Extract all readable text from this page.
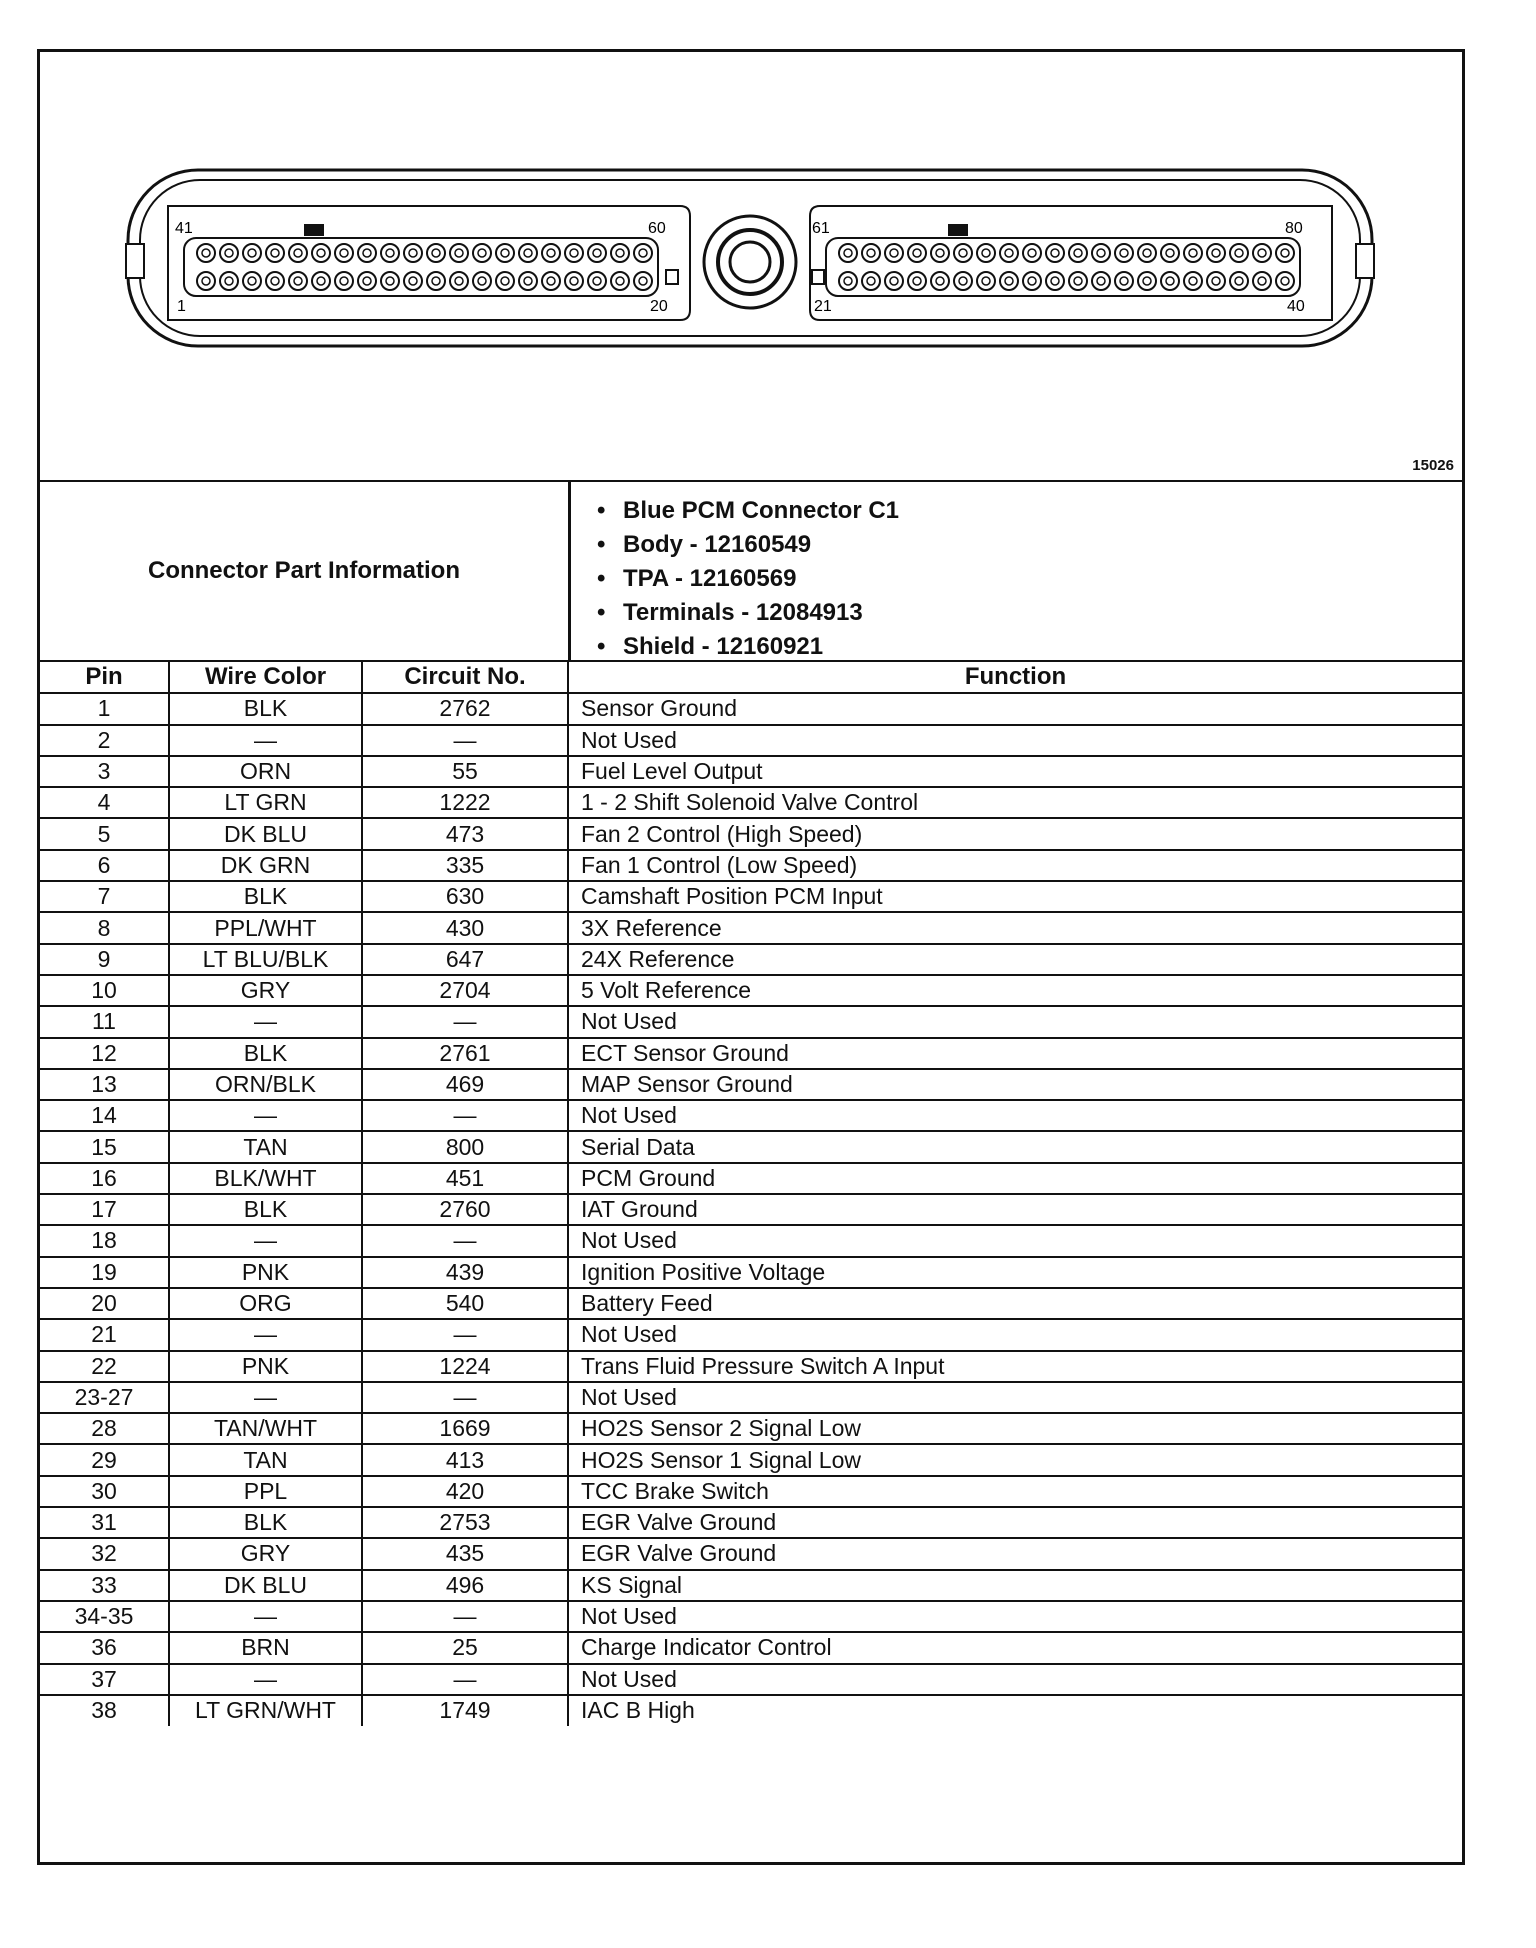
41	60
1	20
61	80
21	40
15026
Connector Part Information
• Blue PCM Connector C1
• Body - 12160549
• TPA - 12160569
• Terminals - 12084913
• Shield - 12160921
Pin	Wire Color	Circuit No.	Function
1	BLK	2762	Sensor Ground
2	—	—	Not Used
3	ORN	55	Fuel Level Output
4	LT GRN	1222	1 - 2 Shift Solenoid Valve Control
5	DK BLU	473	Fan 2 Control (High Speed)
6	DK GRN	335	Fan 1 Control (Low Speed)
7	BLK	630	Camshaft Position PCM Input
8	PPL/WHT	430	3X Reference
9	LT BLU/BLK	647	24X Reference
10	GRY	2704	5 Volt Reference
11	—	—	Not Used
12	BLK	2761	ECT Sensor Ground
13	ORN/BLK	469	MAP Sensor Ground
14	—	—	Not Used
15	TAN	800	Serial Data
16	BLK/WHT	451	PCM Ground
17	BLK	2760	IAT Ground
18	—	—	Not Used
19	PNK	439	Ignition Positive Voltage
20	ORG	540	Battery Feed
21	—	—	Not Used
22	PNK	1224	Trans Fluid Pressure Switch A Input
23-27	—	—	Not Used
28	TAN/WHT	1669	HO2S Sensor 2 Signal Low
29	TAN	413	HO2S Sensor 1 Signal Low
30	PPL	420	TCC Brake Switch
31	BLK	2753	EGR Valve Ground
32	GRY	435	EGR Valve Ground
33	DK BLU	496	KS Signal
34-35	—	—	Not Used
36	BRN	25	Charge Indicator Control
37	—	—	Not Used
38	LT GRN/WHT	1749	IAC B High
